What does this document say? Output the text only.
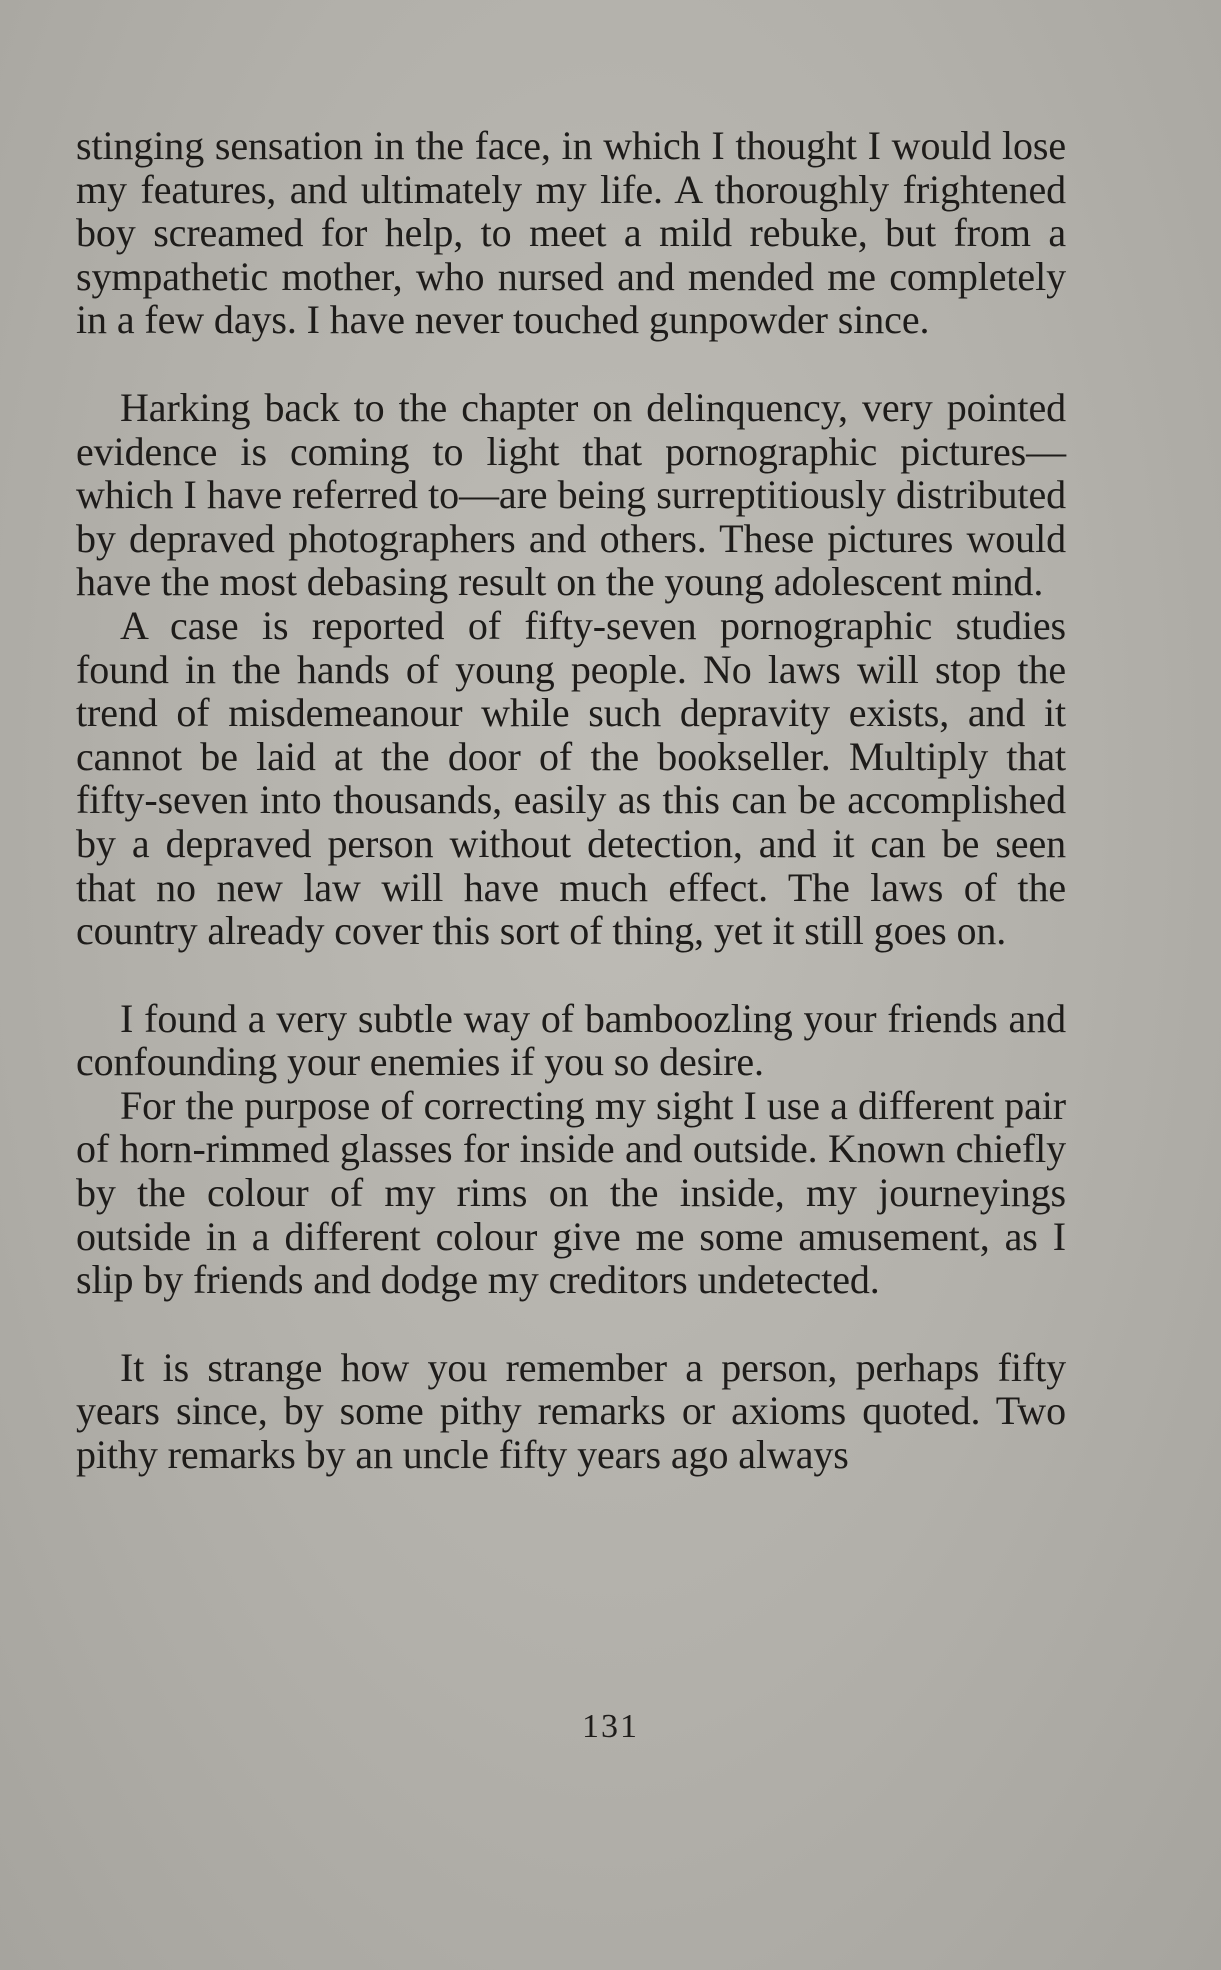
stinging sensation in the face, in which I thought I would lose my features, and ultimately my life. A thoroughly frightened boy screamed for help, to meet a mild rebuke, but from a sympathetic mother, who nursed and mended me completely in a few days. I have never touched gunpowder since.

Harking back to the chapter on delinquency, very pointed evidence is coming to light that pornographic pictures—which I have referred to—are being surreptitiously distributed by depraved photographers and others. These pictures would have the most debasing result on the young adolescent mind.

A case is reported of fifty-seven pornographic studies found in the hands of young people. No laws will stop the trend of misdemeanour while such depravity exists, and it cannot be laid at the door of the bookseller. Multiply that fifty-seven into thousands, easily as this can be accomplished by a depraved person without detection, and it can be seen that no new law will have much effect. The laws of the country already cover this sort of thing, yet it still goes on.

I found a very subtle way of bamboozling your friends and confounding your enemies if you so desire.

For the purpose of correcting my sight I use a different pair of horn-rimmed glasses for inside and outside. Known chiefly by the colour of my rims on the inside, my journeyings outside in a different colour give me some amusement, as I slip by friends and dodge my creditors undetected.

It is strange how you remember a person, perhaps fifty years since, by some pithy remarks or axioms quoted. Two pithy remarks by an uncle fifty years ago always

131
